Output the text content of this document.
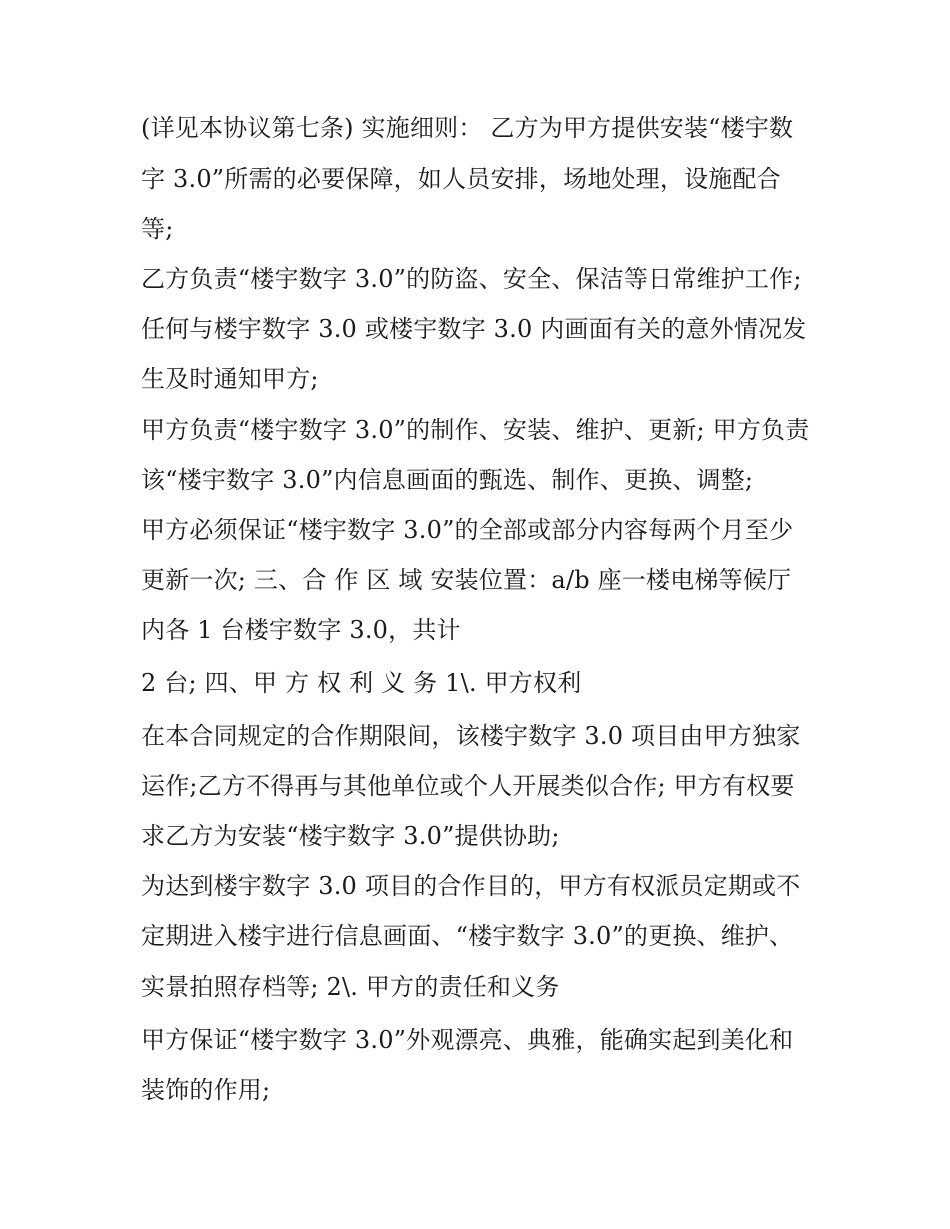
(详见本协议第七条) 实施细则： 乙方为甲方提供安装“楼宇数
字 3.0”所需的必要保障，如人员安排，场地处理，设施配合
等;
乙方负责“楼宇数字 3.0”的防盗、安全、保洁等日常维护工作;
任何与楼宇数字 3.0 或楼宇数字 3.0 内画面有关的意外情况发
生及时通知甲方;
甲方负责“楼宇数字 3.0”的制作、安装、维护、更新; 甲方负责
该“楼宇数字 3.0”内信息画面的甄选、制作、更换、调整;
甲方必须保证“楼宇数字 3.0”的全部或部分内容每两个月至少
更新一次; 三、合 作 区 域 安装位置：a/b 座一楼电梯等候厅
内各 1 台楼宇数字 3.0，共计
2 台; 四、甲 方 权 利 义 务 1\. 甲方权利
在本合同规定的合作期限间，该楼宇数字 3.0 项目由甲方独家
运作;乙方不得再与其他单位或个人开展类似合作; 甲方有权要
求乙方为安装“楼宇数字 3.0”提供协助;
为达到楼宇数字 3.0 项目的合作目的，甲方有权派员定期或不
定期进入楼宇进行信息画面、“楼宇数字 3.0”的更换、维护、
实景拍照存档等; 2\. 甲方的责任和义务
甲方保证“楼宇数字 3.0”外观漂亮、典雅，能确实起到美化和
装饰的作用;
